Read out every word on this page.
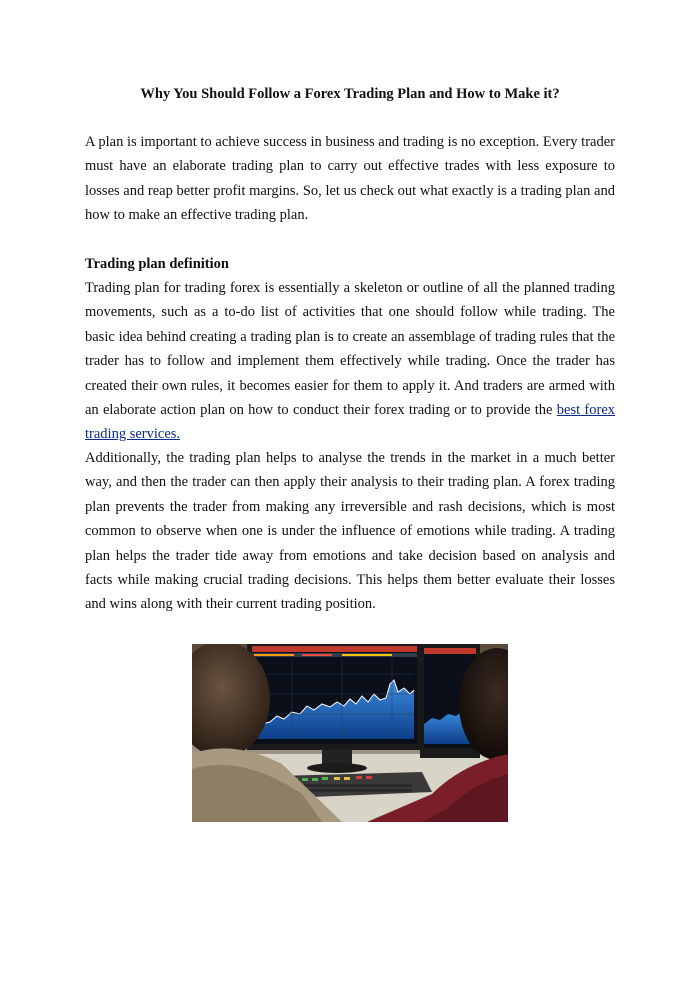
Why You Should Follow a Forex Trading Plan and How to Make it?

A plan is important to achieve success in business and trading is no exception. Every trader must have an elaborate trading plan to carry out effective trades with less exposure to losses and reap better profit margins. So, let us check out what exactly is a trading plan and how to make an effective trading plan.

Trading plan definition

Trading plan for trading forex is essentially a skeleton or outline of all the planned trading movements, such as a to-do list of activities that one should follow while trading. The basic idea behind creating a trading plan is to create an assemblage of trading rules that the trader has to follow and implement them effectively while trading. Once the trader has created their own rules, it becomes easier for them to apply it. And traders are armed with an elaborate action plan on how to conduct their forex trading or to provide the best forex trading services.

Additionally, the trading plan helps to analyse the trends in the market in a much better way, and then the trader can then apply their analysis to their trading plan. A forex trading plan prevents the trader from making any irreversible and rash decisions, which is most common to observe when one is under the influence of emotions while trading. A trading plan helps the trader tide away from emotions and take decision based on analysis and facts while making crucial trading decisions. This helps them better evaluate their losses and wins along with their current trading position.
